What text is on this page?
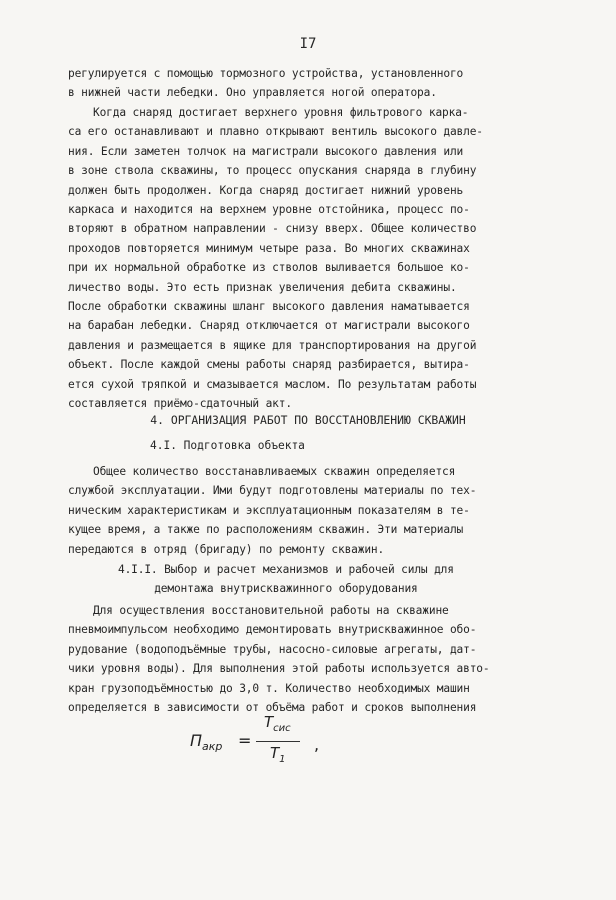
I7
регулируется с помощью тормозного устройства, установленного
в нижней части лебедки. Оно управляется ногой оператора.
Когда снаряд достигает верхнего уровня фильтрового карка-
са его останавливают и плавно открывают вентиль высокого давле-
ния. Если заметен толчок на магистрали высокого давления или
в зоне ствола скважины, то процесс опускания снаряда в глубину
должен быть продолжен. Когда снаряд достигает нижний уровень
каркаса и находится на верхнем уровне отстойника, процесс по-
вторяют в обратном направлении - снизу вверх. Общее количество
проходов повторяется минимум четыре раза. Во многих скважинах
при их нормальной обработке из стволов выливается большое ко-
личество воды. Это есть признак увеличения дебита скважины.
После обработки скважины шланг высокого давления наматывается
на барабан лебедки. Снаряд отключается от магистрали высокого
давления и размещается в ящике для транспортирования на другой
объект. После каждой смены работы снаряд разбирается, вытира-
ется сухой тряпкой и смазывается маслом. По результатам работы
составляется приёмо-сдаточный акт.
4. ОРГАНИЗАЦИЯ РАБОТ ПО ВОССТАНОВЛЕНИЮ СКВАЖИН
4.I. Подготовка объекта
Общее количество восстанавливаемых скважин определяется
службой эксплуатации. Ими будут подготовлены материалы по тех-
ническим характеристикам и эксплуатационным показателям в те-
кущее время, а также по расположениям скважин. Эти материалы
передаются в отряд (бригаду) по ремонту скважин.
4.I.I. Выбор и расчет механизмов и рабочей силы для
демонтажа внутрискважинного оборудования
Для осуществления восстановительной работы на скважине
пневмоимпульсом необходимо демонтировать внутрискважинное обо-
рудование (водоподъёмные трубы, насосно-силовые агрегаты, дат-
чики уровня воды). Для выполнения этой работы используется авто-
кран грузоподъёмностью до 3,0 т. Количество необходимых машин
определяется в зависимости от объёма работ и сроков выполнения
$П_{акр}$ =
$T_{сис}$
$T_1$
,
